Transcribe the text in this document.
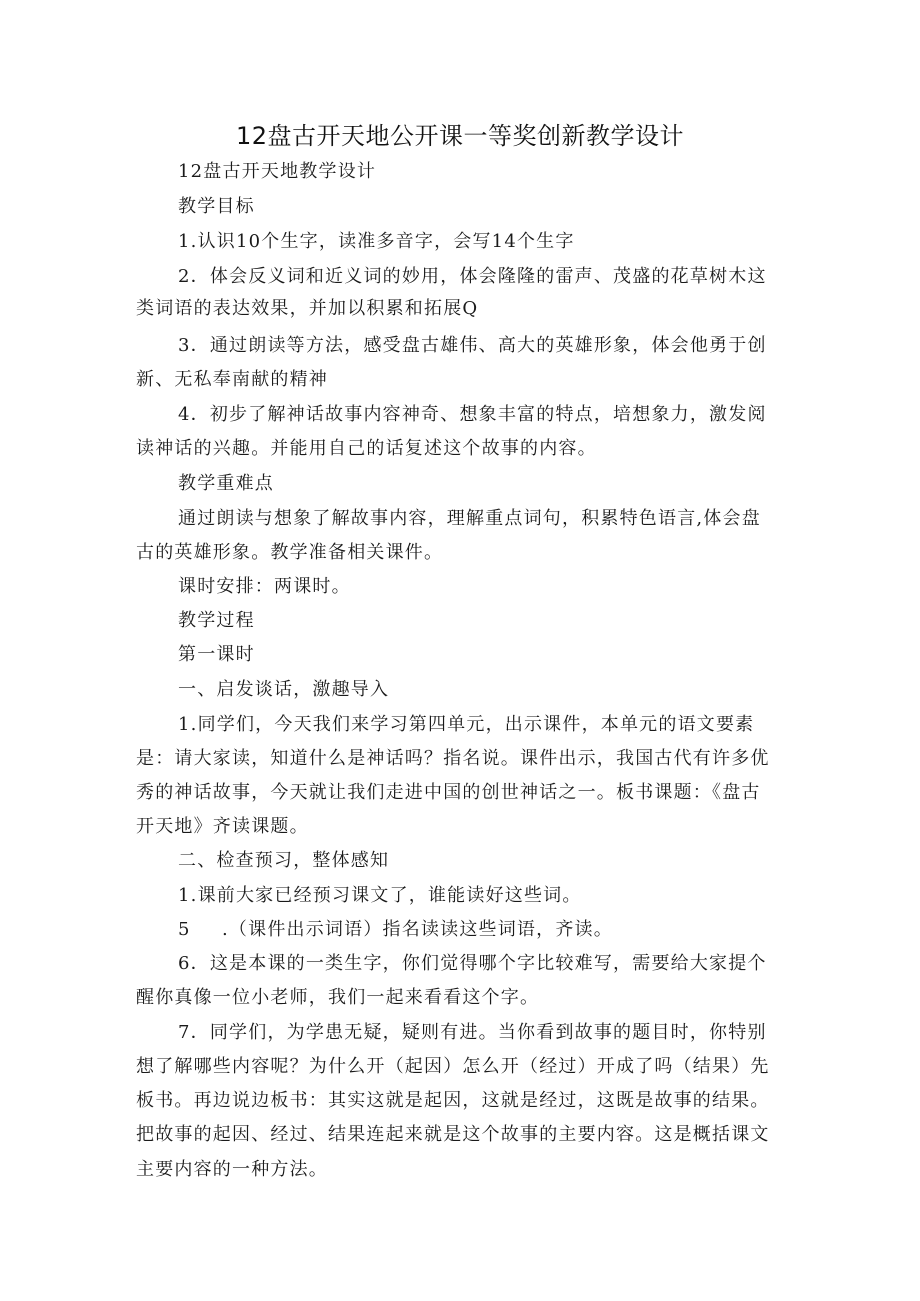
12盘古开天地公开课一等奖创新教学设计
12盘古开天地教学设计
教学目标
1.认识10个生字，读准多音字，会写14个生字
2．体会反义词和近义词的妙用，体会隆隆的雷声、茂盛的花草树木这
类词语的表达效果，并加以积累和拓展Q
3．通过朗读等方法，感受盘古雄伟、高大的英雄形象，体会他勇于创
新、无私奉南献的精神
4．初步了解神话故事内容神奇、想象丰富的特点，培想象力，激发阅
读神话的兴趣。并能用自己的话复述这个故事的内容。
教学重难点
通过朗读与想象了解故事内容，理解重点词句，积累特色语言,体会盘
古的英雄形象。教学准备相关课件。
课时安排：两课时。
教学过程
第一课时
一、启发谈话，激趣导入
1.同学们，今天我们来学习第四单元，出示课件，本单元的语文要素
是：请大家读，知道什么是神话吗？指名说。课件出示，我国古代有许多优
秀的神话故事，今天就让我们走进中国的创世神话之一。板书课题：《盘古
开天地》齐读课题。
二、检查预习，整体感知
1.课前大家已经预习课文了，谁能读好这些词。
5 .（课件出示词语）指名读读这些词语，齐读。
6．这是本课的一类生字，你们觉得哪个字比较难写，需要给大家提个
醒你真像一位小老师，我们一起来看看这个字。
7．同学们，为学患无疑，疑则有进。当你看到故事的题目时，你特别
想了解哪些内容呢？为什么开（起因）怎么开（经过）开成了吗（结果）先
板书。再边说边板书：其实这就是起因，这就是经过，这既是故事的结果。
把故事的起因、经过、结果连起来就是这个故事的主要内容。这是概括课文
主要内容的一种方法。
